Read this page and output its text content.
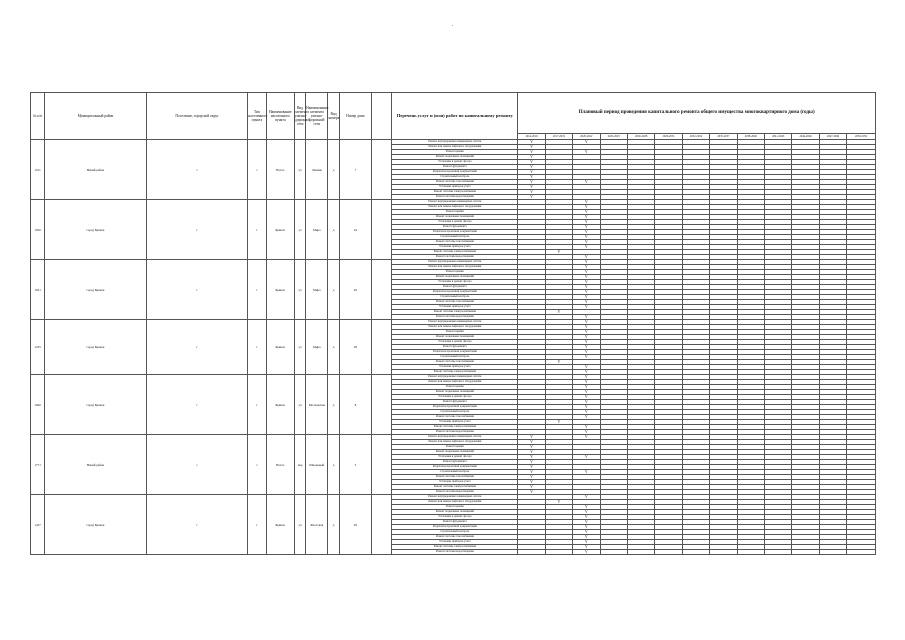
.
№ п/п	Муниципальный район	Поселение, городской округ	Тип населенного пункта	Наименование населенного пункта	Вид элемента улично-дорожной сети	Наименование элемента улично-дорожной сети	Вид номера	Номер дома		Перечень услуг и (или) работ по капитальному ремонту	Плановый период проведения капитального ремонта общего имущества многоквартирного дома (годы)												
											2014-2016	2017-2019	2020-2022	2023-2025	2026-2028	2029-2031	2032-2034	2035-2037	2038-2040	2041-2043	2044-2046	2047-2049	2050-2052
1011	Некий район	с	с	Нечто	ул	Ленина	д	7		Ремонт внутридомовых инженерных систем	V		V										
										Ремонт или замена лифтового оборудования	V												
										Ремонт крыши	V		V										
										Ремонт подвальных помещений	V												
										Утепление и ремонт фасада	V												
										Ремонт фундамента	V												
										Разработка проектной документации	V												
										Строительный контроль	V												
										Ремонт системы газоснабжения	V		V										
										Установка приборов учета	V												
										Ремонт системы электроснабжения	V												
										Ремонт системы водоотведения	V												
1020	город Брянск	г	г	Брянск	ул	Мира	д	24		Ремонт внутридомовых инженерных систем			V										
										Ремонт или замена лифтового оборудования			V										
										Ремонт крыши			V										
										Ремонт подвальных помещений			V										
										Утепление и ремонт фасада			V										
										Ремонт фундамента			V										
										Разработка проектной документации			V										
										Строительный контроль			V										
										Ремонт системы газоснабжения			V										
										Установка приборов учета			V										
										Ремонт системы электроснабжения		V											
										Ремонт системы водоотведения			V										
1021	город Брянск	г	г	Брянск	ул	Мира	д	26		Ремонт внутридомовых инженерных систем			V										
										Ремонт или замена лифтового оборудования			V										
										Ремонт крыши			V										
										Ремонт подвальных помещений			V										
										Утепление и ремонт фасада			V										
										Ремонт фундамента			V										
										Разработка проектной документации			V										
										Строительный контроль			V										
										Ремонт системы газоснабжения			V										
										Установка приборов учета			V										
										Ремонт системы электроснабжения		V											
										Ремонт системы водоотведения			V										
1235	город Брянск	г	г	Брянск	ул	Мира	д	28		Ремонт внутридомовых инженерных систем			V										
										Ремонт или замена лифтового оборудования			V										
										Ремонт крыши			V										
										Ремонт подвальных помещений			V										
										Утепление и ремонт фасада			V										
										Ремонт фундамента			V										
										Разработка проектной документации			V										
										Строительный контроль			V										
										Ремонт системы газоснабжения		V											
										Установка приборов учета			V										
										Ремонт системы электроснабжения			V										
1660	город Брянск	г	г	Брянск	ул	Московская	д	8		Ремонт внутридомовых инженерных систем			V										
										Ремонт или замена лифтового оборудования			V										
										Ремонт крыши			V										
										Ремонт подвальных помещений			V										
										Утепление и ремонт фасада			V										
										Ремонт фундамента			V										
										Разработка проектной документации			V										
										Строительный контроль			V										
										Ремонт системы газоснабжения			V										
										Установка приборов учета		V											
										Ремонт системы электроснабжения			V										
										Ремонт системы водоотведения			V										
1771	Некий район	с	с	Нечто	пер	Школьный	д	3		Ремонт внутридомовых инженерных систем	V		V										
										Ремонт или замена лифтового оборудования	V												
										Ремонт крыши	V												
										Ремонт подвальных помещений	V												
										Утепление и ремонт фасада	V		V										
										Ремонт фундамента	V												
										Разработка проектной документации	V												
										Строительный контроль	V		V										
										Ремонт системы газоснабжения	V												
										Установка приборов учета	V												
										Ремонт системы электроснабжения	V												
										Ремонт системы водоотведения	V												
1437	город Брянск	г	г	Брянск	ул	Флотская	д	29		Ремонт внутридомовых инженерных систем			V										
										Ремонт или замена лифтового оборудования		V											
										Ремонт крыши			V										
										Ремонт подвальных помещений			V										
										Утепление и ремонт фасада			V										
										Ремонт фундамента			V										
										Разработка проектной документации			V										
										Строительный контроль			V										
										Ремонт системы газоснабжения			V										
										Установка приборов учета			V										
										Ремонт системы электроснабжения			V										
										Ремонт системы водоотведения			V										
